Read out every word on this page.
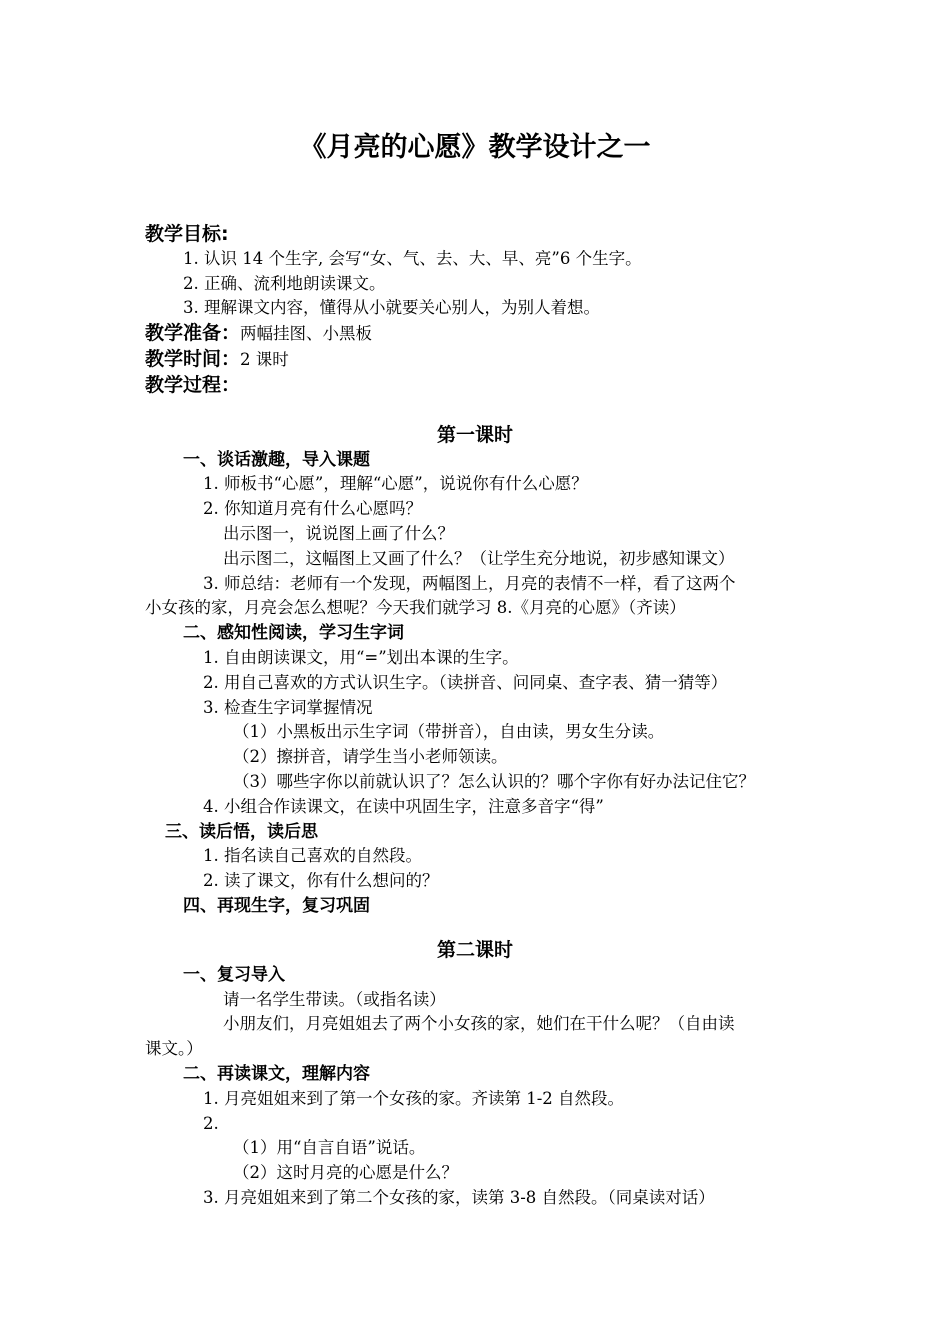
《月亮的心愿》教学设计之一
教学目标:
1. 认识 14 个生字, 会写“女、气、去、大、早、亮”6 个生字。
2. 正确、流利地朗读课文。
3. 理解课文内容，懂得从小就要关心别人，为别人着想。
教学准备：两幅挂图、小黑板
教学时间：2 课时
教学过程：
第一课时
一、谈话激趣，导入课题
1. 师板书“心愿”，理解“心愿”，说说你有什么心愿？
2. 你知道月亮有什么心愿吗？
出示图一，说说图上画了什么？
出示图二，这幅图上又画了什么？（让学生充分地说，初步感知课文）
3. 师总结：老师有一个发现，两幅图上，月亮的表情不一样，看了这两个
小女孩的家，月亮会怎么想呢？今天我们就学习 8.《月亮的心愿》（齐读）
二、感知性阅读，学习生字词
1. 自由朗读课文，用“=”划出本课的生字。
2. 用自己喜欢的方式认识生字。（读拼音、问同桌、查字表、猜一猜等）
3. 检查生字词掌握情况
（1）小黑板出示生字词（带拼音），自由读，男女生分读。
（2）擦拼音，请学生当小老师领读。
（3）哪些字你以前就认识了？怎么认识的？哪个字你有好办法记住它？
4. 小组合作读课文，在读中巩固生字，注意多音字“得”
三、读后悟，读后思
1. 指名读自己喜欢的自然段。
2. 读了课文，你有什么想问的？
四、再现生字，复习巩固
第二课时
一、复习导入
请一名学生带读。（或指名读）
小朋友们，月亮姐姐去了两个小女孩的家，她们在干什么呢？（自由读
课文。）
二、再读课文，理解内容
1. 月亮姐姐来到了第一个女孩的家。齐读第 1-2 自然段。
2.
（1）用“自言自语”说话。
（2）这时月亮的心愿是什么？
3. 月亮姐姐来到了第二个女孩的家，读第 3-8 自然段。（同桌读对话）
